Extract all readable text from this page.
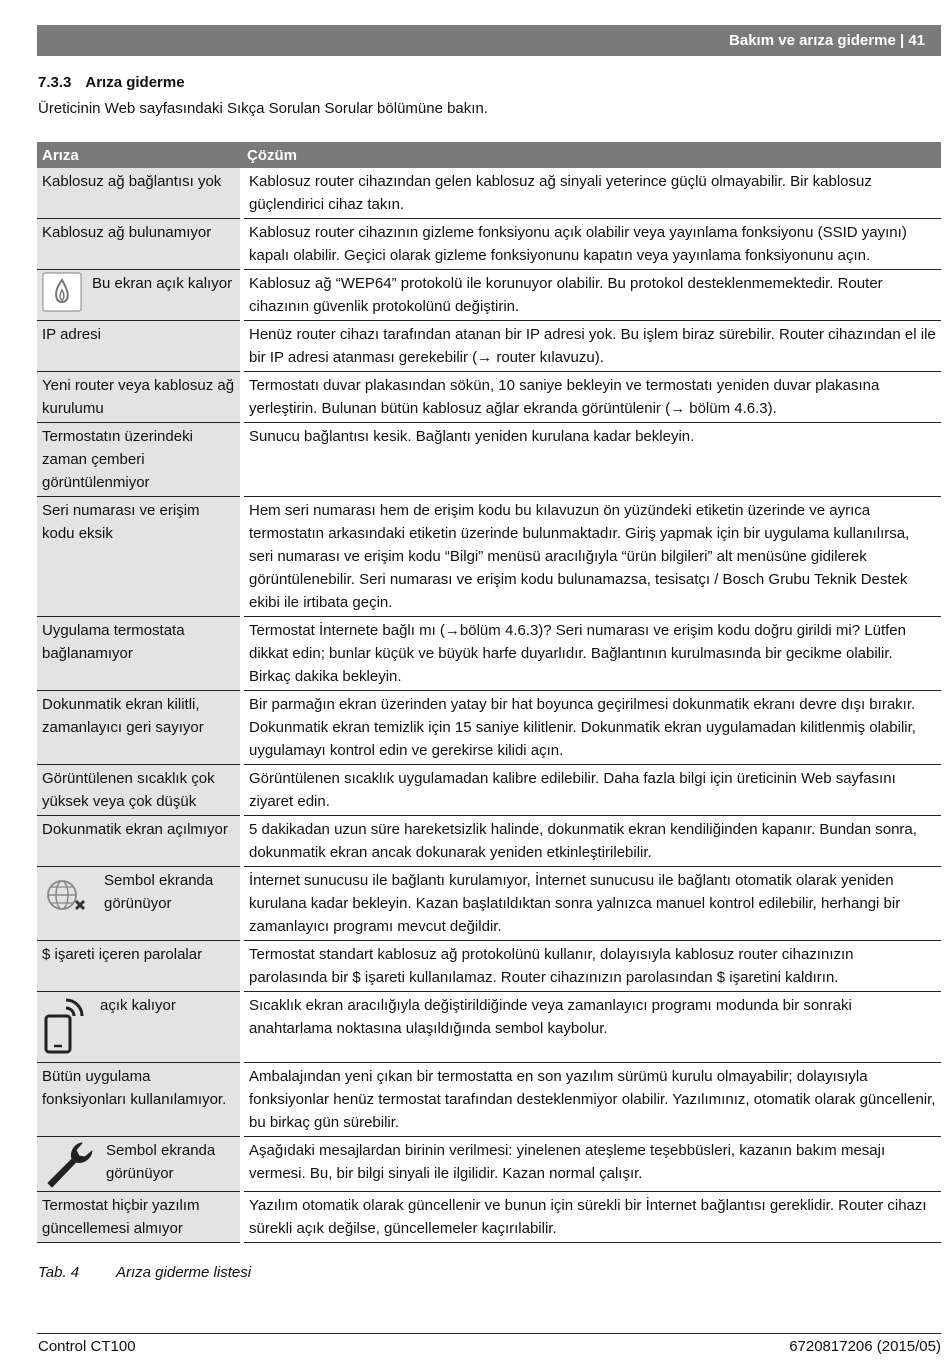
Bakım ve arıza giderme | 41
7.3.3 Arıza giderme
Üreticinin Web sayfasındaki Sıkça Sorulan Sorular bölümüne bakın.
Arıza	Çözüm
Kablosuz ağ bağlantısı yok	Kablosuz router cihazından gelen kablosuz ağ sinyali yeterince güçlü olmayabilir. Bir kablosuz güçlendirici cihaz takın.
Kablosuz ağ bulunamıyor	Kablosuz router cihazının gizleme fonksiyonu açık olabilir veya yayınlama fonksiyonu (SSID yayını) kapalı olabilir. Geçici olarak gizleme fonksiyonunu kapatın veya yayınlama fonksiyonunu açın.

Bu ekran açık kalıyor	Kablosuz ağ “WEP64” protokolü ile korunuyor olabilir. Bu protokol desteklenmemektedir. Router cihazının güvenlik protokolünü değiştirin.
IP adresi	Henüz router cihazı tarafından atanan bir IP adresi yok. Bu işlem biraz sürebilir. Router cihazından el ile bir IP adresi atanması gerekebilir (→ router kılavuzu).
Yeni router veya kablosuz ağ kurulumu	Termostatı duvar plakasından sökün, 10 saniye bekleyin ve termostatı yeniden duvar plakasına yerleştirin. Bulunan bütün kablosuz ağlar ekranda görüntülenir (→ bölüm 4.6.3).
Termostatın üzerindeki zaman çemberi görüntülenmiyor	Sunucu bağlantısı kesik. Bağlantı yeniden kurulana kadar bekleyin.
Seri numarası ve erişim kodu eksik	Hem seri numarası hem de erişim kodu bu kılavuzun ön yüzündeki etiketin üzerinde ve ayrıca termostatın arkasındaki etiketin üzerinde bulunmaktadır. Giriş yapmak için bir uygulama kullanılırsa, seri numarası ve erişim kodu “Bilgi” menüsü aracılığıyla “ürün bilgileri” alt menüsüne gidilerek görüntülenebilir. Seri numarası ve erişim kodu bulunamazsa, tesisatçı / Bosch Grubu Teknik Destek ekibi ile irtibata geçin.
Uygulama termostata bağlanamıyor	Termostat İnternete bağlı mı (→bölüm 4.6.3)? Seri numarası ve erişim kodu doğru girildi mi? Lütfen dikkat edin; bunlar küçük ve büyük harfe duyarlıdır. Bağlantının kurulmasında bir gecikme olabilir. Birkaç dakika bekleyin.
Dokunmatik ekran kilitli, zamanlayıcı geri sayıyor	Bir parmağın ekran üzerinden yatay bir hat boyunca geçirilmesi dokunmatik ekranı devre dışı bırakır. Dokunmatik ekran temizlik için 15 saniye kilitlenir. Dokunmatik ekran uygulamadan kilitlenmiş olabilir, uygulamayı kontrol edin ve gerekirse kilidi açın.
Görüntülenen sıcaklık çok yüksek veya çok düşük	Görüntülenen sıcaklık uygulamadan kalibre edilebilir. Daha fazla bilgi için üreticinin Web sayfasını ziyaret edin.
Dokunmatik ekran açılmıyor	5 dakikadan uzun süre hareketsizlik halinde, dokunmatik ekran kendiliğinden kapanır. Bundan sonra, dokunmatik ekran ancak dokunarak yeniden etkinleştirilebilir.

Sembol ekranda görünüyor	İnternet sunucusu ile bağlantı kurulamıyor, İnternet sunucusu ile bağlantı otomatik olarak yeniden kurulana kadar bekleyin. Kazan başlatıldıktan sonra yalnızca manuel kontrol edilebilir, herhangi bir zamanlayıcı programı mevcut değildir.
$ işareti içeren parolalar	Termostat standart kablosuz ağ protokolünü kullanır, dolayısıyla kablosuz router cihazınızın parolasında bir $ işareti kullanılamaz. Router cihazınızın parolasından $ işaretini kaldırın.

açık kalıyor	Sıcaklık ekran aracılığıyla değiştirildiğinde veya zamanlayıcı programı modunda bir sonraki anahtarlama noktasına ulaşıldığında sembol kaybolur.
Bütün uygulama fonksiyonları kullanılamıyor.	Ambalajından yeni çıkan bir termostatta en son yazılım sürümü kurulu olmayabilir; dolayısıyla fonksiyonlar henüz termostat tarafından desteklenmiyor olabilir. Yazılımınız, otomatik olarak güncellenir, bu birkaç gün sürebilir.

Sembol ekranda görünüyor	Aşağıdaki mesajlardan birinin verilmesi: yinelenen ateşleme teşebbüsleri, kazanın bakım mesajı vermesi. Bu, bir bilgi sinyali ile ilgilidir. Kazan normal çalışır.
Termostat hiçbir yazılım güncellemesi almıyor	Yazılım otomatik olarak güncellenir ve bunun için sürekli bir İnternet bağlantısı gereklidir. Router cihazı sürekli açık değilse, güncellemeler kaçırılabilir.
Tab. 4 Arıza giderme listesi
Control CT100	6720817206 (2015/05)
